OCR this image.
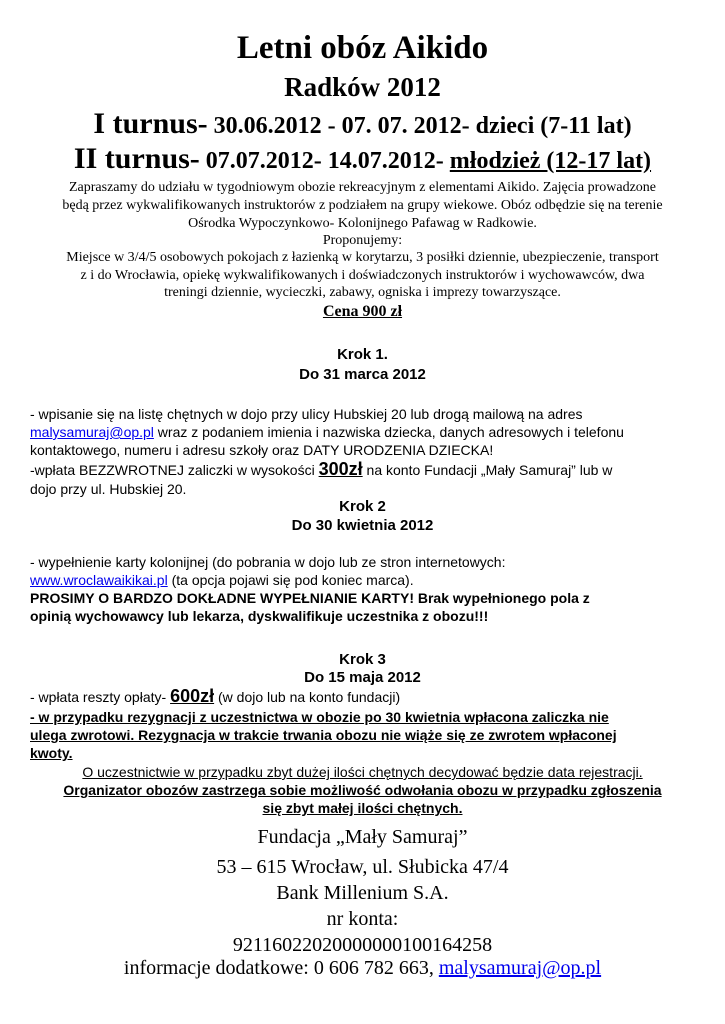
Letni obóz Aikido
Radków 2012
I turnus- 30.06.2012 - 07. 07. 2012- dzieci (7-11 lat)
II turnus- 07.07.2012- 14.07.2012- młodzież (12-17 lat)
Zapraszamy do udziału w tygodniowym obozie rekreacyjnym z elementami Aikido. Zajęcia prowadzone
będą przez wykwalifikowanych instruktorów z podziałem na grupy wiekowe. Obóz odbędzie się na terenie
Ośrodka Wypoczynkowo- Kolonijnego Pafawag w Radkowie.
Proponujemy:
Miejsce w 3/4/5 osobowych pokojach z łazienką w korytarzu, 3 posiłki dziennie, ubezpieczenie, transport
z i do Wrocławia, opiekę wykwalifikowanych i doświadczonych instruktorów i wychowawców, dwa
treningi dziennie, wycieczki, zabawy, ogniska i imprezy towarzyszące.
Cena 900 zł
Krok 1.
Do 31 marca 2012
- wpisanie się na listę chętnych w dojo przy ulicy Hubskiej 20 lub drogą mailową na adres
malysamuraj@op.pl wraz z podaniem imienia i nazwiska dziecka, danych adresowych i telefonu
kontaktowego, numeru i adresu szkoły oraz DATY URODZENIA DZIECKA!
-wpłata BEZZWROTNEJ zaliczki w wysokości 300zł na konto Fundacji „Mały Samuraj” lub w
dojo przy ul. Hubskiej 20.
Krok 2
Do 30 kwietnia 2012
- wypełnienie karty kolonijnej (do pobrania w dojo lub ze stron internetowych:
www.wroclawaikikai.pl (ta opcja pojawi się pod koniec marca).
PROSIMY O BARDZO DOKŁADNE WYPEŁNIANIE KARTY! Brak wypełnionego pola z
opinią wychowawcy lub lekarza, dyskwalifikuje uczestnika z obozu!!!
Krok 3
Do 15 maja 2012
- wpłata reszty opłaty- 600zł (w dojo lub na konto fundacji)
- w przypadku rezygnacji z uczestnictwa w obozie po 30 kwietnia wpłacona zaliczka nie
ulega zwrotowi. Rezygnacja w trakcie trwania obozu nie wiąże się ze zwrotem wpłaconej
kwoty.
O uczestnictwie w przypadku zbyt dużej ilości chętnych decydować będzie data rejestracji.
Organizator obozów zastrzega sobie możliwość odwołania obozu w przypadku zgłoszenia
się zbyt małej ilości chętnych.
Fundacja „Mały Samuraj”
53 – 615 Wrocław, ul. Słubicka 47/4
Bank Millenium S.A.
nr konta:
92116022020000000100164258
informacje dodatkowe: 0 606 782 663, malysamuraj@op.pl
